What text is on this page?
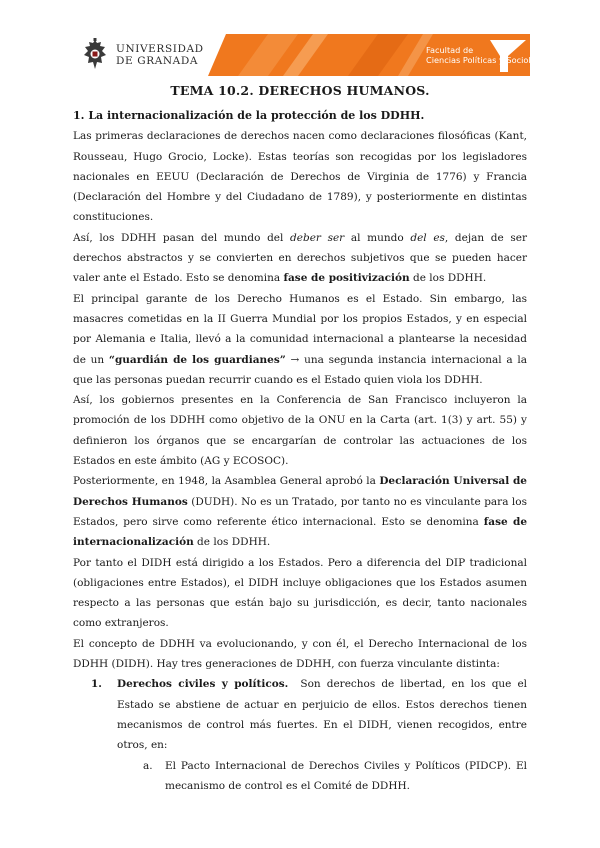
UNIVERSIDAD
DE GRANADA
Facultad de
Ciencias Políticas y Sociología
TEMA 10.2. DERECHOS HUMANOS.

1. La internacionalización de la protección de los DDHH.

Las primeras declaraciones de derechos nacen como declaraciones filosóficas (Kant, Rousseau, Hugo Grocio, Locke). Estas teorías son recogidas por los legisladores nacionales en EEUU (Declaración de Derechos de Virginia de 1776) y Francia (Declaración del Hombre y del Ciudadano de 1789), y posteriormente en distintas constituciones.

Así, los DDHH pasan del mundo del deber ser al mundo del es, dejan de ser derechos abstractos y se convierten en derechos subjetivos que se pueden hacer valer ante el Estado. Esto se denomina fase de positivización de los DDHH.

El principal garante de los Derecho Humanos es el Estado. Sin embargo, las masacres cometidas en la II Guerra Mundial por los propios Estados, y en especial por Alemania e Italia, llevó a la comunidad internacional a plantearse la necesidad de un “guardián de los guardianes” → una segunda instancia internacional a la que las personas puedan recurrir cuando es el Estado quien viola los DDHH.

Así, los gobiernos presentes en la Conferencia de San Francisco incluyeron la promoción de los DDHH como objetivo de la ONU en la Carta (art. 1(3) y art. 55) y definieron los órganos que se encargarían de controlar las actuaciones de los Estados en este ámbito (AG y ECOSOC).

Posteriormente, en 1948, la Asamblea General aprobó la Declaración Universal de Derechos Humanos (DUDH). No es un Tratado, por tanto no es vinculante para los Estados, pero sirve como referente ético internacional. Esto se denomina fase de internacionalización de los DDHH.

Por tanto el DIDH está dirigido a los Estados. Pero a diferencia del DIP tradicional (obligaciones entre Estados), el DIDH incluye obligaciones que los Estados asumen respecto a las personas que están bajo su jurisdicción, es decir, tanto nacionales como extranjeros.

El concepto de DDHH va evolucionando, y con él, el Derecho Internacional de los DDHH (DIDH). Hay tres generaciones de DDHH, con fuerza vinculante distinta:

1.	Derechos civiles y políticos.  Son derechos de libertad, en los que el Estado se abstiene de actuar en perjuicio de ellos. Estos derechos tienen mecanismos de control más fuertes. En el DIDH, vienen recogidos, entre otros, en:
a.	El Pacto Internacional de Derechos Civiles y Políticos (PIDCP). El mecanismo de control es el Comité de DDHH.
